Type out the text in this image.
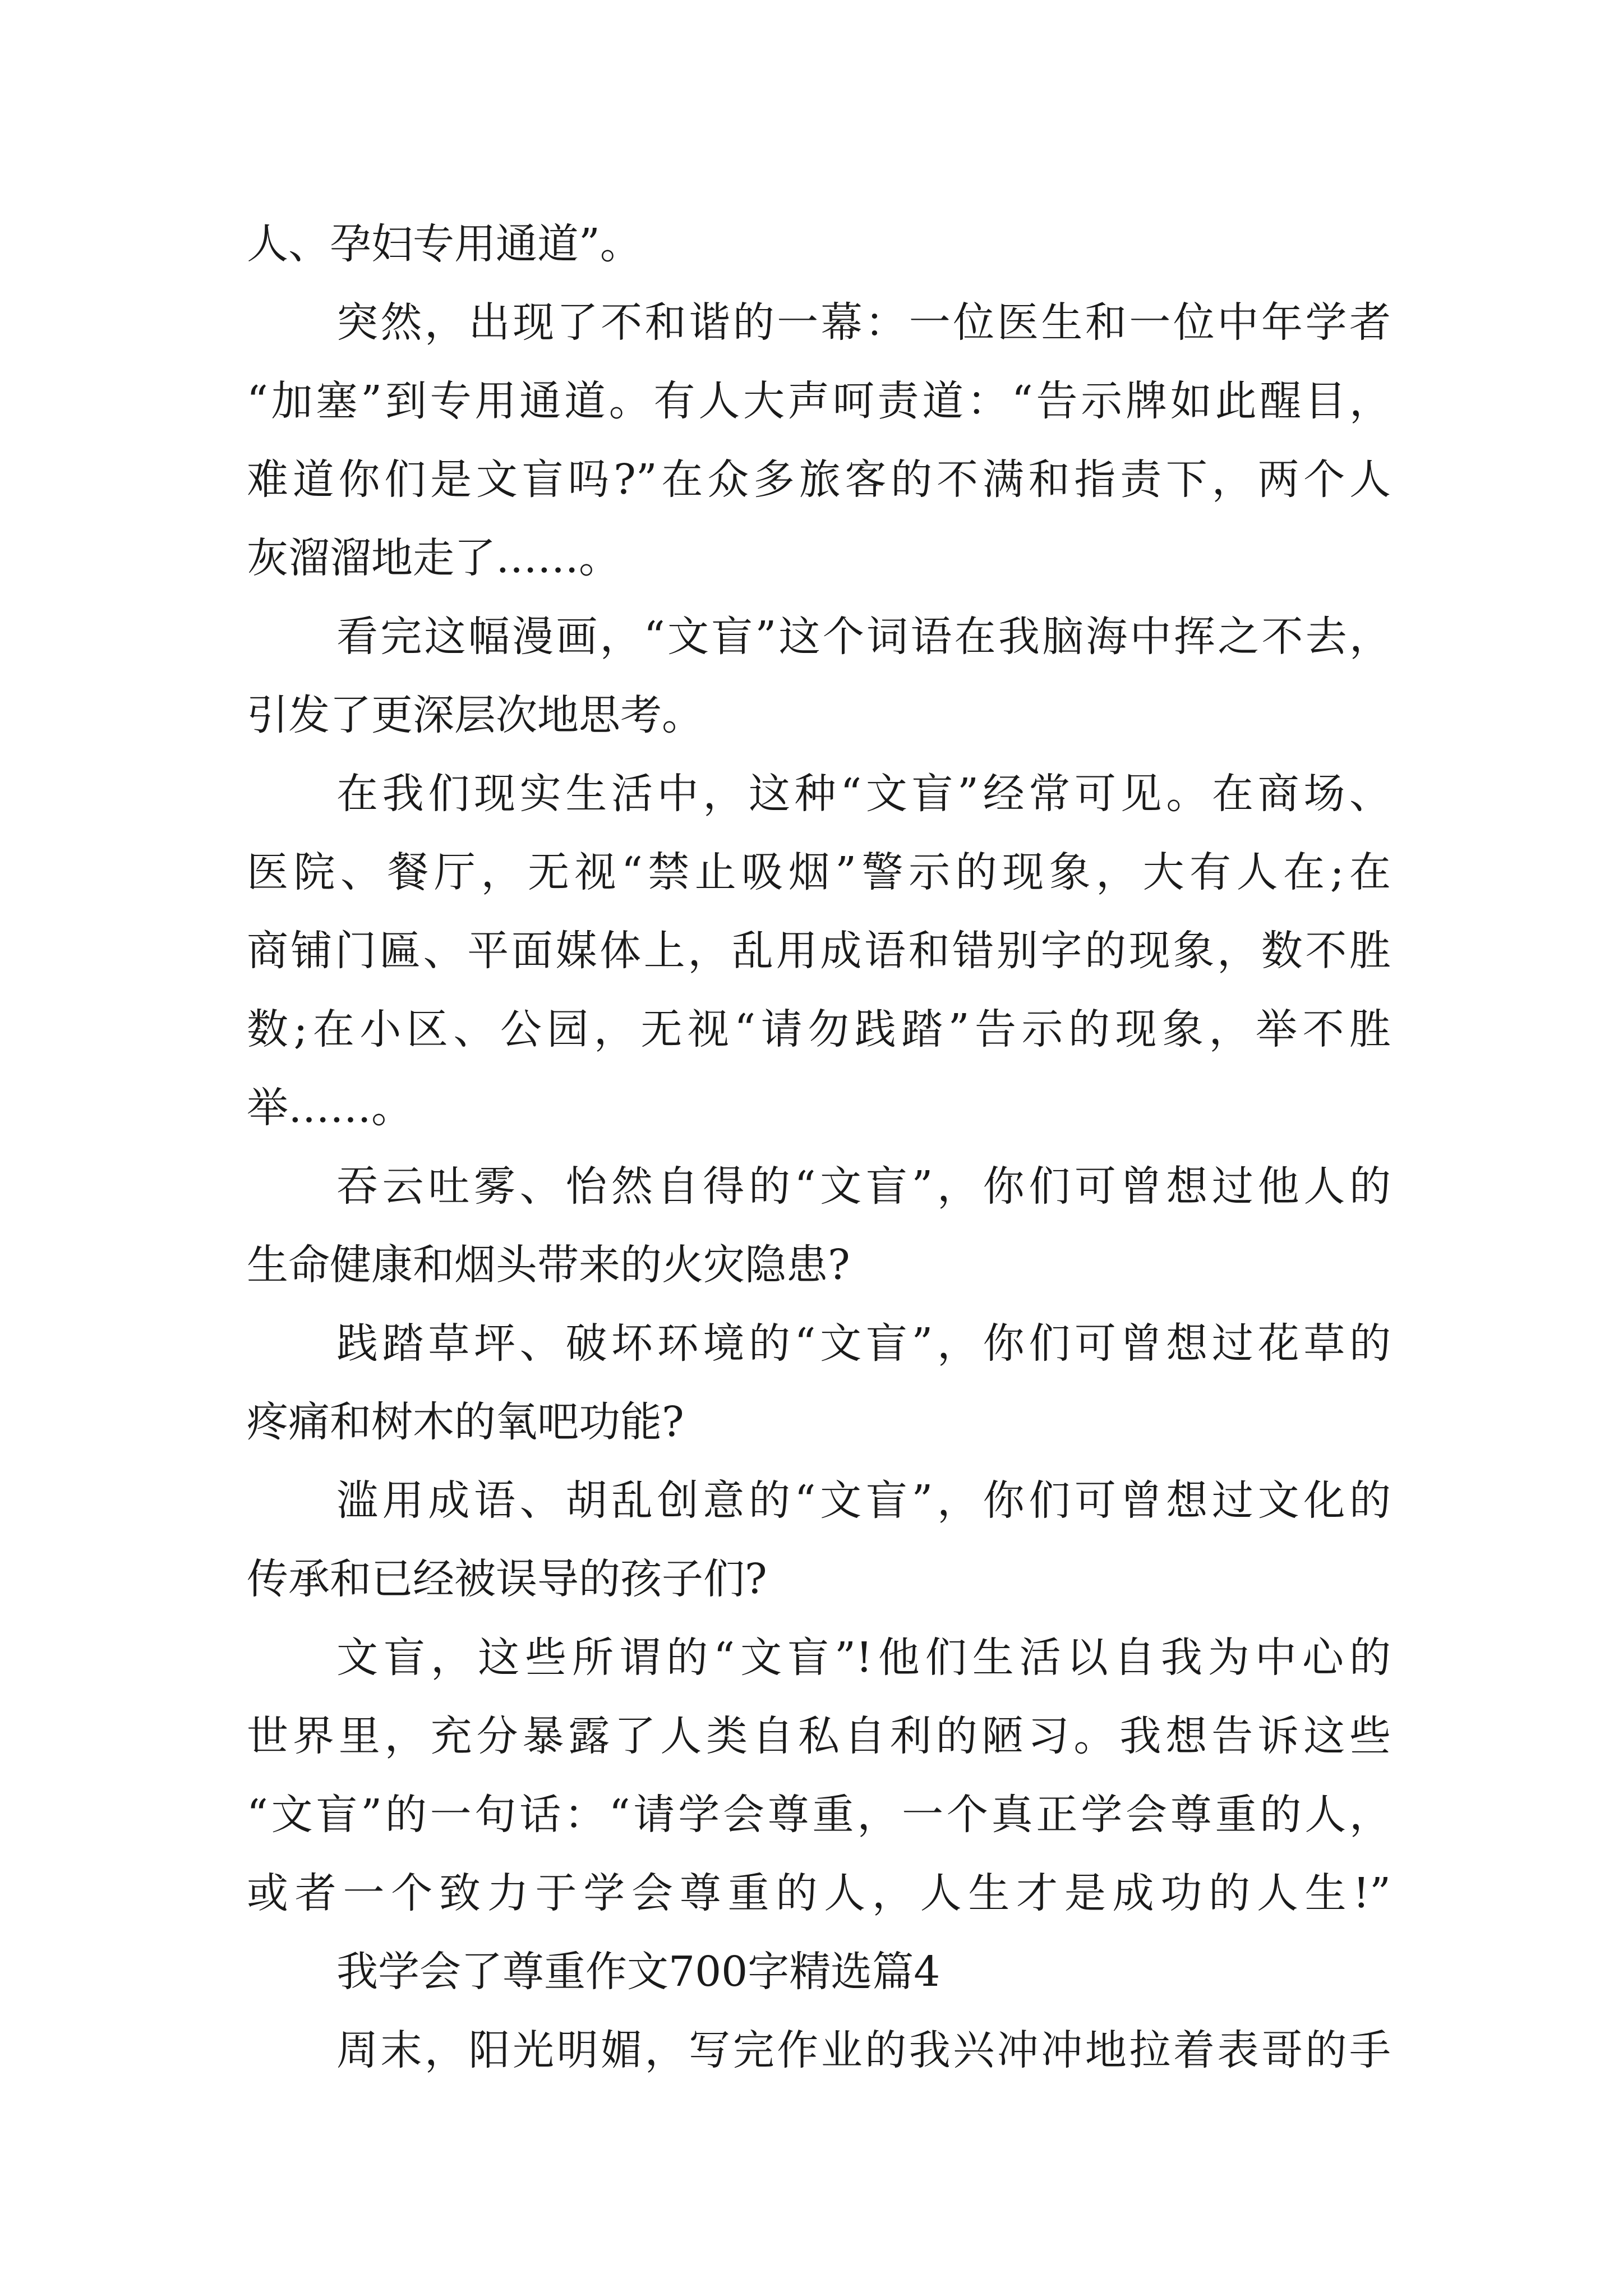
人、孕妇专用通道”。
突然，出现了不和谐的一幕：一位医生和一位中年学者
“加塞”到专用通道。有人大声呵责道：“告示牌如此醒目，
难道你们是文盲吗?”在众多旅客的不满和指责下，两个人
灰溜溜地走了……。
看完这幅漫画，“文盲”这个词语在我脑海中挥之不去，
引发了更深层次地思考。
在我们现实生活中，这种“文盲”经常可见。在商场、
医院、餐厅，无视“禁止吸烟”警示的现象，大有人在;在
商铺门匾、平面媒体上，乱用成语和错别字的现象，数不胜
数;在小区、公园，无视“请勿践踏”告示的现象，举不胜
举……。
吞云吐雾、怡然自得的“文盲”，你们可曾想过他人的
生命健康和烟头带来的火灾隐患?
践踏草坪、破坏环境的“文盲”，你们可曾想过花草的
疼痛和树木的氧吧功能?
滥用成语、胡乱创意的“文盲”，你们可曾想过文化的
传承和已经被误导的孩子们?
文盲，这些所谓的“文盲”!他们生活以自我为中心的
世界里，充分暴露了人类自私自利的陋习。我想告诉这些
“文盲”的一句话：“请学会尊重，一个真正学会尊重的人，
或者一个致力于学会尊重的人，人生才是成功的人生!”
我学会了尊重作文700字精选篇4
周末，阳光明媚，写完作业的我兴冲冲地拉着表哥的手
